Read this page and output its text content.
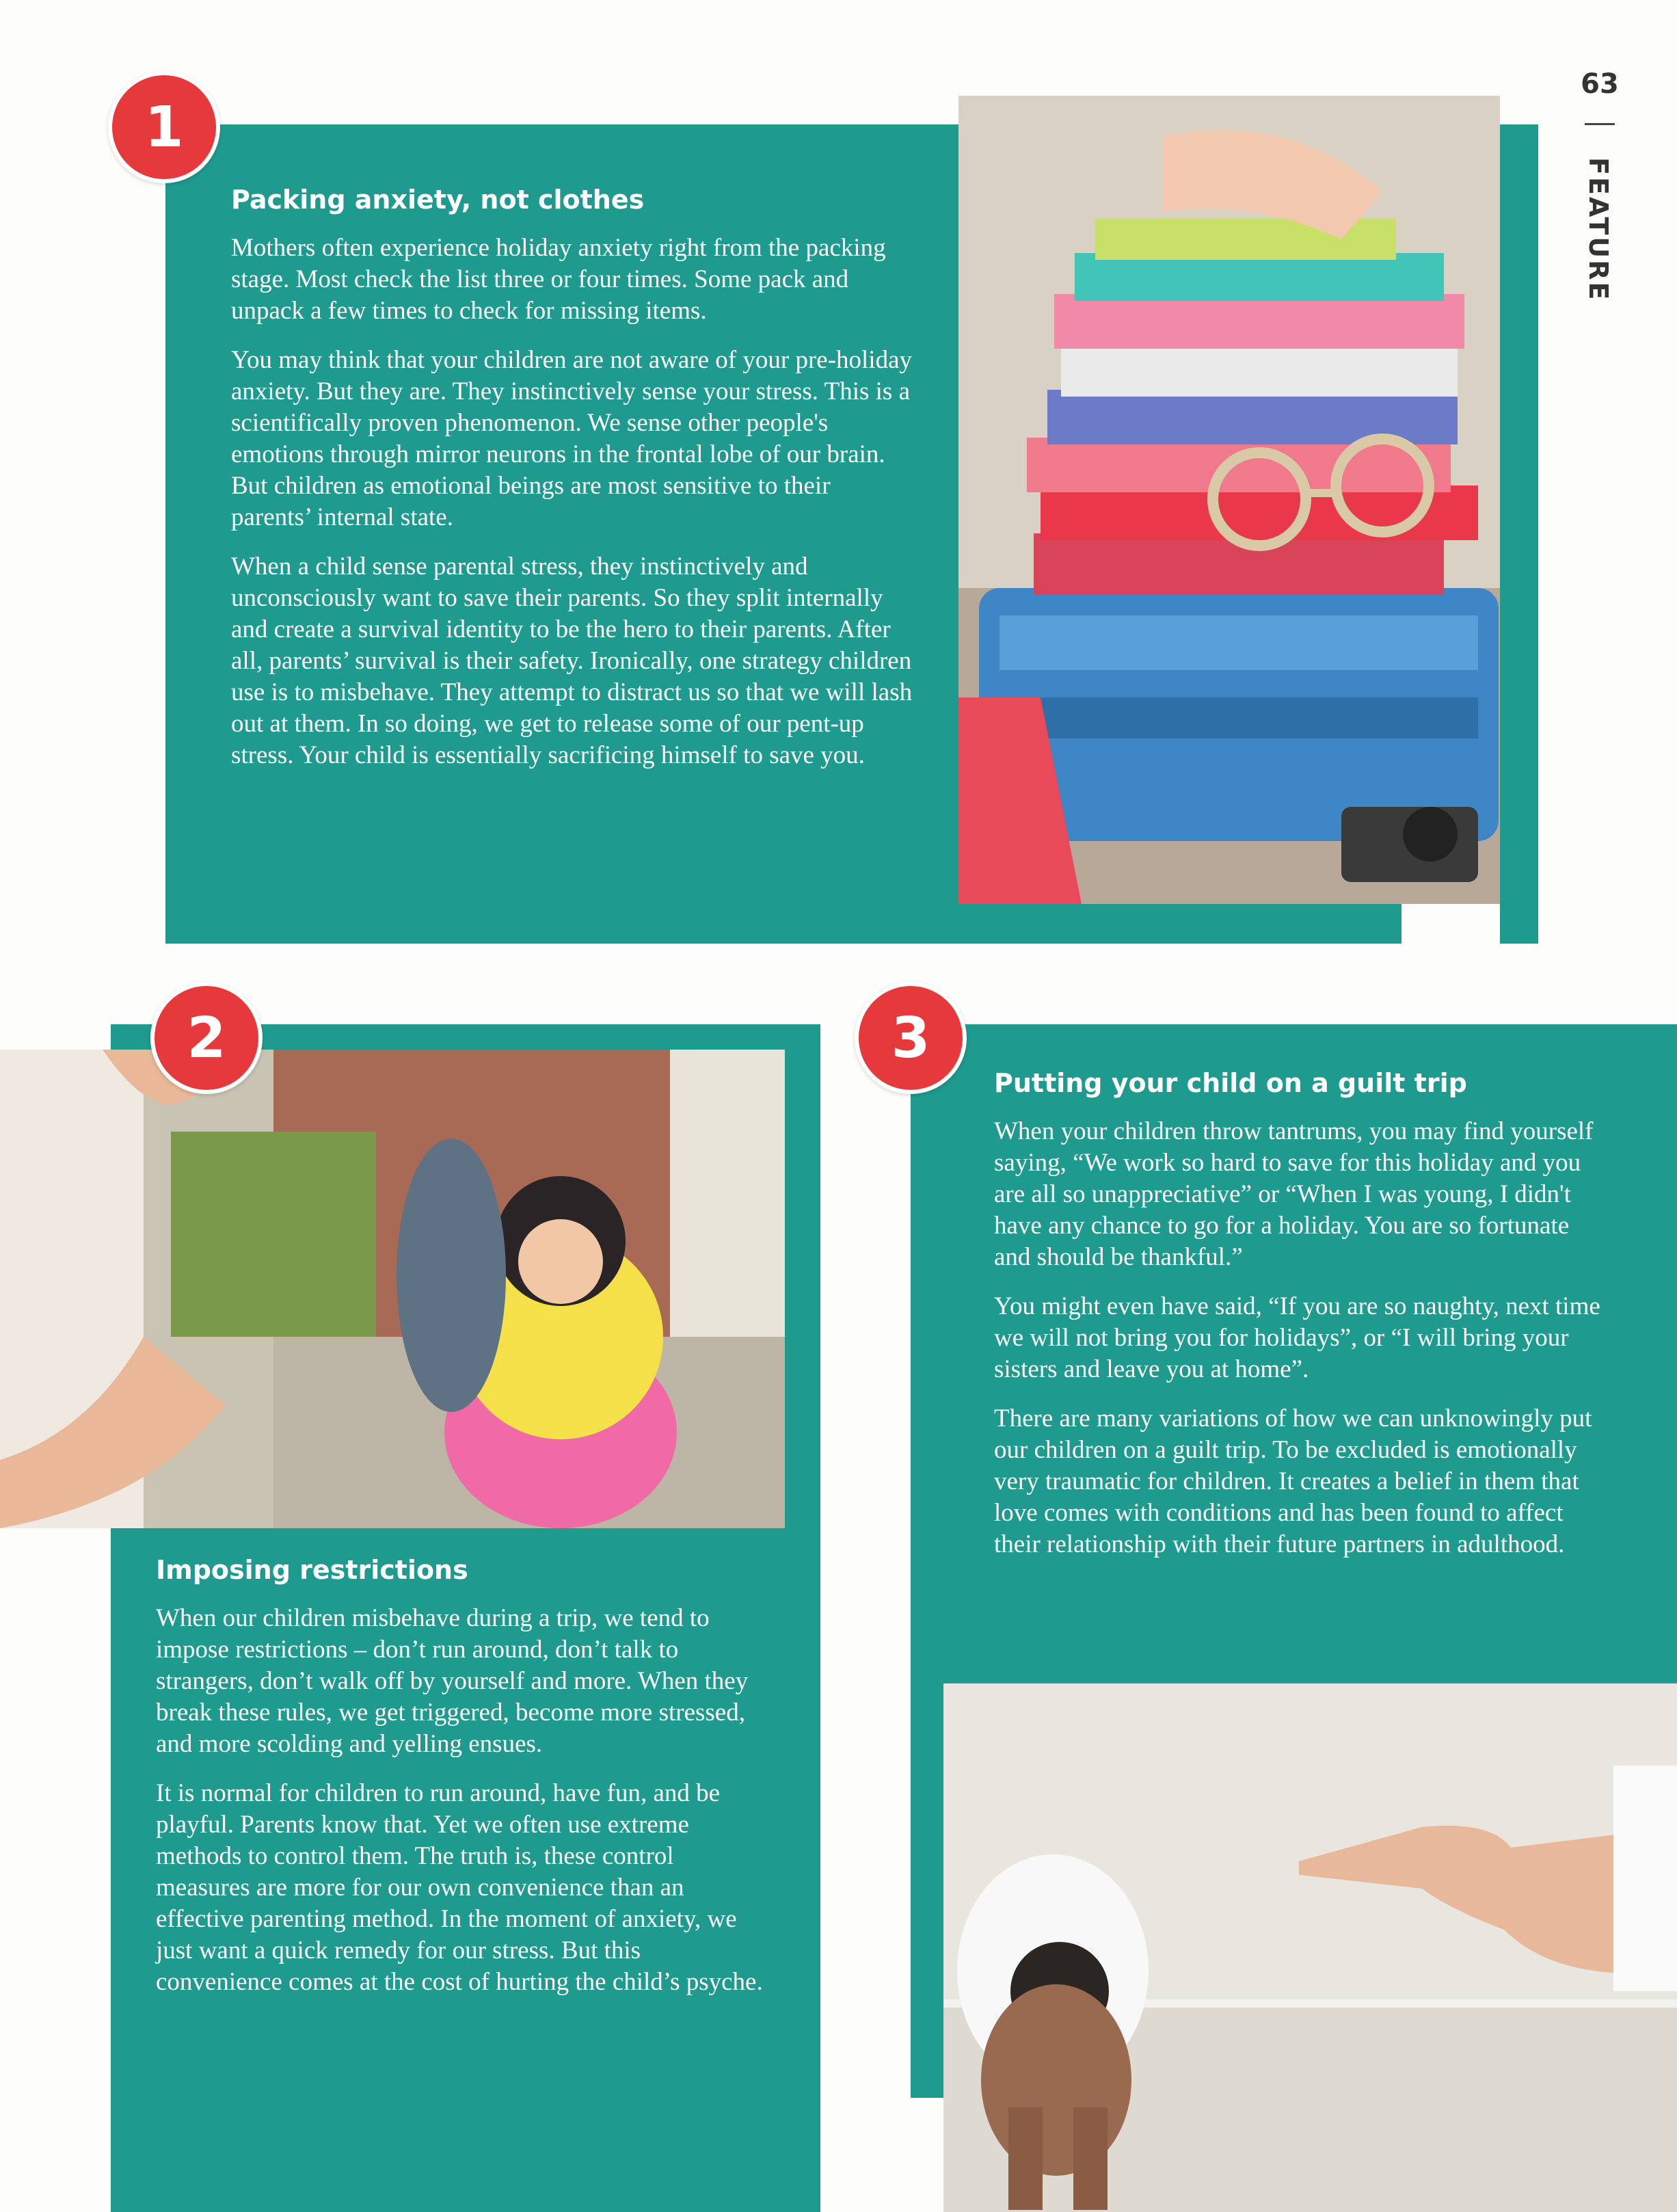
63
FEATURE
1
Packing anxiety, not clothes

Mothers often experience holiday anxiety right from the packing stage. Most check the list three or four times. Some pack and unpack a few times to check for missing items.

You may think that your children are not aware of your pre-holiday anxiety. But they are. They instinctively sense your stress. This is a scientifically proven phenomenon. We sense other people's emotions through mirror neurons in the frontal lobe of our brain. But children as emotional beings are most sensitive to their parents’ internal state.

When a child sense parental stress, they instinctively and unconsciously want to save their parents. So they split internally and create a survival identity to be the hero to their parents. After all, parents’ survival is their safety. Ironically, one strategy children use is to misbehave. They attempt to distract us so that we will lash out at them. In so doing, we get to release some of our pent-up stress. Your child is essentially sacrificing himself to save you.

2
Imposing restrictions

When our children misbehave during a trip, we tend to impose restrictions – don’t run around, don’t talk to strangers, don’t walk off by yourself and more. When they break these rules, we get triggered, become more stressed, and more scolding and yelling ensues.

It is normal for children to run around, have fun, and be playful. Parents know that. Yet we often use extreme methods to control them. The truth is, these control measures are more for our own convenience than an effective parenting method. In the moment of anxiety, we just want a quick remedy for our stress. But this convenience comes at the cost of hurting the child’s psyche.

3
Putting your child on a guilt trip

When your children throw tantrums, you may find yourself saying, “We work so hard to save for this holiday and you are all so unappreciative” or “When I was young, I didn't have any chance to go for a holiday. You are so fortunate and should be thankful.”

You might even have said, “If you are so naughty, next time we will not bring you for holidays”, or “I will bring your sisters and leave you at home”.

There are many variations of how we can unknowingly put our children on a guilt trip. To be excluded is emotionally very traumatic for children. It creates a belief in them that love comes with conditions and has been found to affect their relationship with their future partners in adulthood.
